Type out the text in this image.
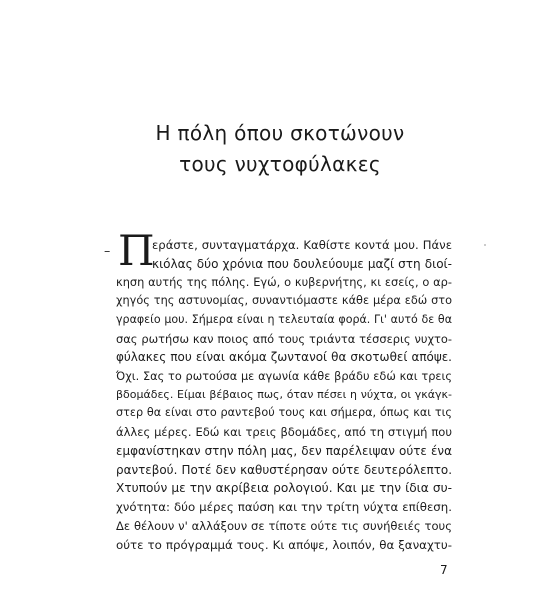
Η πόλη όπου σκοτώνουν
τους νυχτοφύλακες
– Π
εράστε, συνταγματάρχα. Καθίστε κοντά μου. Πάνε
κιόλας δύο χρόνια που δουλεύουμε μαζί στη διοί-
κηση αυτής της πόλης. Εγώ, ο κυβερνήτης, κι εσείς, ο αρ-
χηγός της αστυνομίας, συναντιόμαστε κάθε μέρα εδώ στο
γραφείο μου. Σήμερα είναι η τελευταία φορά. Γι' αυτό δε θα
σας ρωτήσω καν ποιος από τους τριάντα τέσσερις νυχτο-
φύλακες που είναι ακόμα ζωντανοί θα σκοτωθεί απόψε.
Όχι. Σας το ρωτούσα με αγωνία κάθε βράδυ εδώ και τρεις
βδομάδες. Είμαι βέβαιος πως, όταν πέσει η νύχτα, οι γκάγκ-
στερ θα είναι στο ραντεβού τους και σήμερα, όπως και τις
άλλες μέρες. Εδώ και τρεις βδομάδες, από τη στιγμή που
εμφανίστηκαν στην πόλη μας, δεν παρέλειψαν ούτε ένα
ραντεβού. Ποτέ δεν καθυστέρησαν ούτε δευτερόλεπτο.
Χτυπούν με την ακρίβεια ρολογιού. Και με την ίδια συ-
χνότητα: δύο μέρες παύση και την τρίτη νύχτα επίθεση.
Δε θέλουν ν' αλλάξουν σε τίποτε ούτε τις συνήθειές τους
ούτε το πρόγραμμά τους. Κι απόψε, λοιπόν, θα ξαναχτυ-
7
